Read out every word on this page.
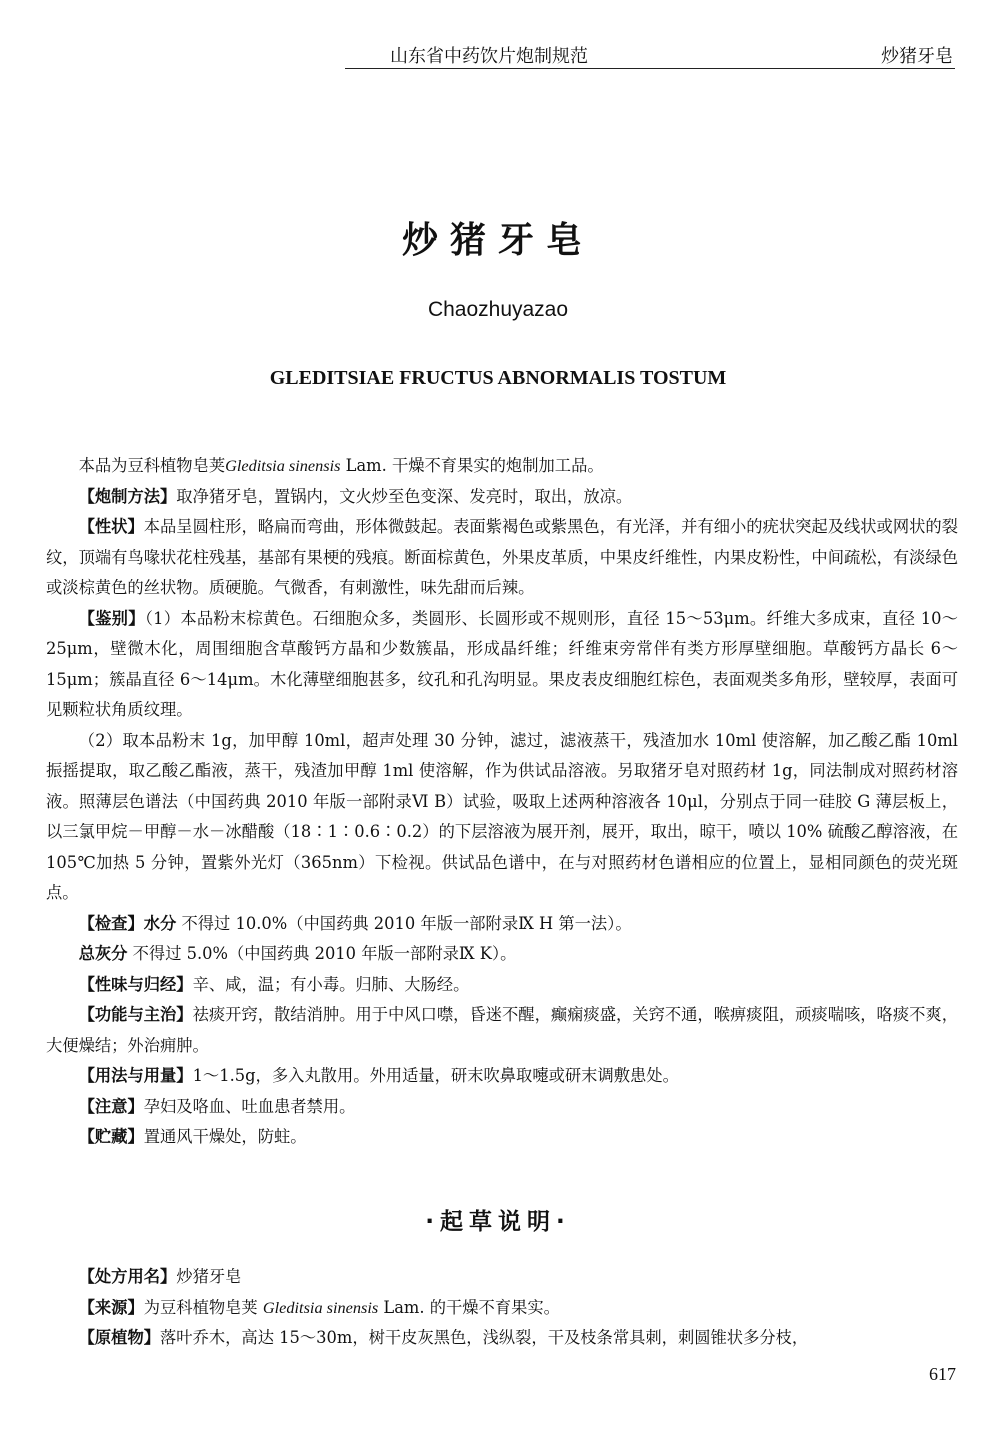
山东省中药饮片炮制规范	炒猪牙皂
炒猪牙皂
Chaozhuyazao
GLEDITSIAE FRUCTUS ABNORMALIS TOSTUM

本品为豆科植物皂荚Gleditsia sinensis Lam. 干燥不育果实的炮制加工品。

【炮制方法】取净猪牙皂，置锅内，文火炒至色变深、发亮时，取出，放凉。

【性状】本品呈圆柱形，略扁而弯曲，形体微鼓起。表面紫褐色或紫黑色，有光泽，并有细小的疣状突起及线状或网状的裂纹，顶端有鸟喙状花柱残基，基部有果梗的残痕。断面棕黄色，外果皮革质，中果皮纤维性，内果皮粉性，中间疏松，有淡绿色或淡棕黄色的丝状物。质硬脆。气微香，有刺激性，味先甜而后辣。

【鉴别】（1）本品粉末棕黄色。石细胞众多，类圆形、长圆形或不规则形，直径 15～53μm。纤维大多成束，直径 10～25μm，壁微木化，周围细胞含草酸钙方晶和少数簇晶，形成晶纤维；纤维束旁常伴有类方形厚壁细胞。草酸钙方晶长 6～15μm；簇晶直径 6～14μm。木化薄壁细胞甚多，纹孔和孔沟明显。果皮表皮细胞红棕色，表面观类多角形，壁较厚，表面可见颗粒状角质纹理。

（2）取本品粉末 1g，加甲醇 10ml，超声处理 30 分钟，滤过，滤液蒸干，残渣加水 10ml 使溶解，加乙酸乙酯 10ml 振摇提取，取乙酸乙酯液，蒸干，残渣加甲醇 1ml 使溶解，作为供试品溶液。另取猪牙皂对照药材 1g，同法制成对照药材溶液。照薄层色谱法（中国药典 2010 年版一部附录Ⅵ B）试验，吸取上述两种溶液各 10μl，分别点于同一硅胶 G 薄层板上，以三氯甲烷－甲醇－水－冰醋酸（18∶1∶0.6∶0.2）的下层溶液为展开剂，展开，取出，晾干，喷以 10% 硫酸乙醇溶液，在 105℃加热 5 分钟，置紫外光灯（365nm）下检视。供试品色谱中，在与对照药材色谱相应的位置上，显相同颜色的荧光斑点。

【检查】水分 不得过 10.0%（中国药典 2010 年版一部附录Ⅸ H 第一法）。

总灰分 不得过 5.0%（中国药典 2010 年版一部附录Ⅸ K）。

【性味与归经】辛、咸，温；有小毒。归肺、大肠经。

【功能与主治】祛痰开窍，散结消肿。用于中风口噤，昏迷不醒，癫痫痰盛，关窍不通，喉痹痰阻，顽痰喘咳，咯痰不爽，大便燥结；外治痈肿。

【用法与用量】1～1.5g，多入丸散用。外用适量，研末吹鼻取嚏或研末调敷患处。

【注意】孕妇及咯血、吐血患者禁用。

【贮藏】置通风干燥处，防蛀。

·起草说明·

【处方用名】炒猪牙皂

【来源】为豆科植物皂荚 Gleditsia sinensis Lam. 的干燥不育果实。

【原植物】落叶乔木，高达 15～30m，树干皮灰黑色，浅纵裂，干及枝条常具刺，刺圆锥状多分枝，

617
